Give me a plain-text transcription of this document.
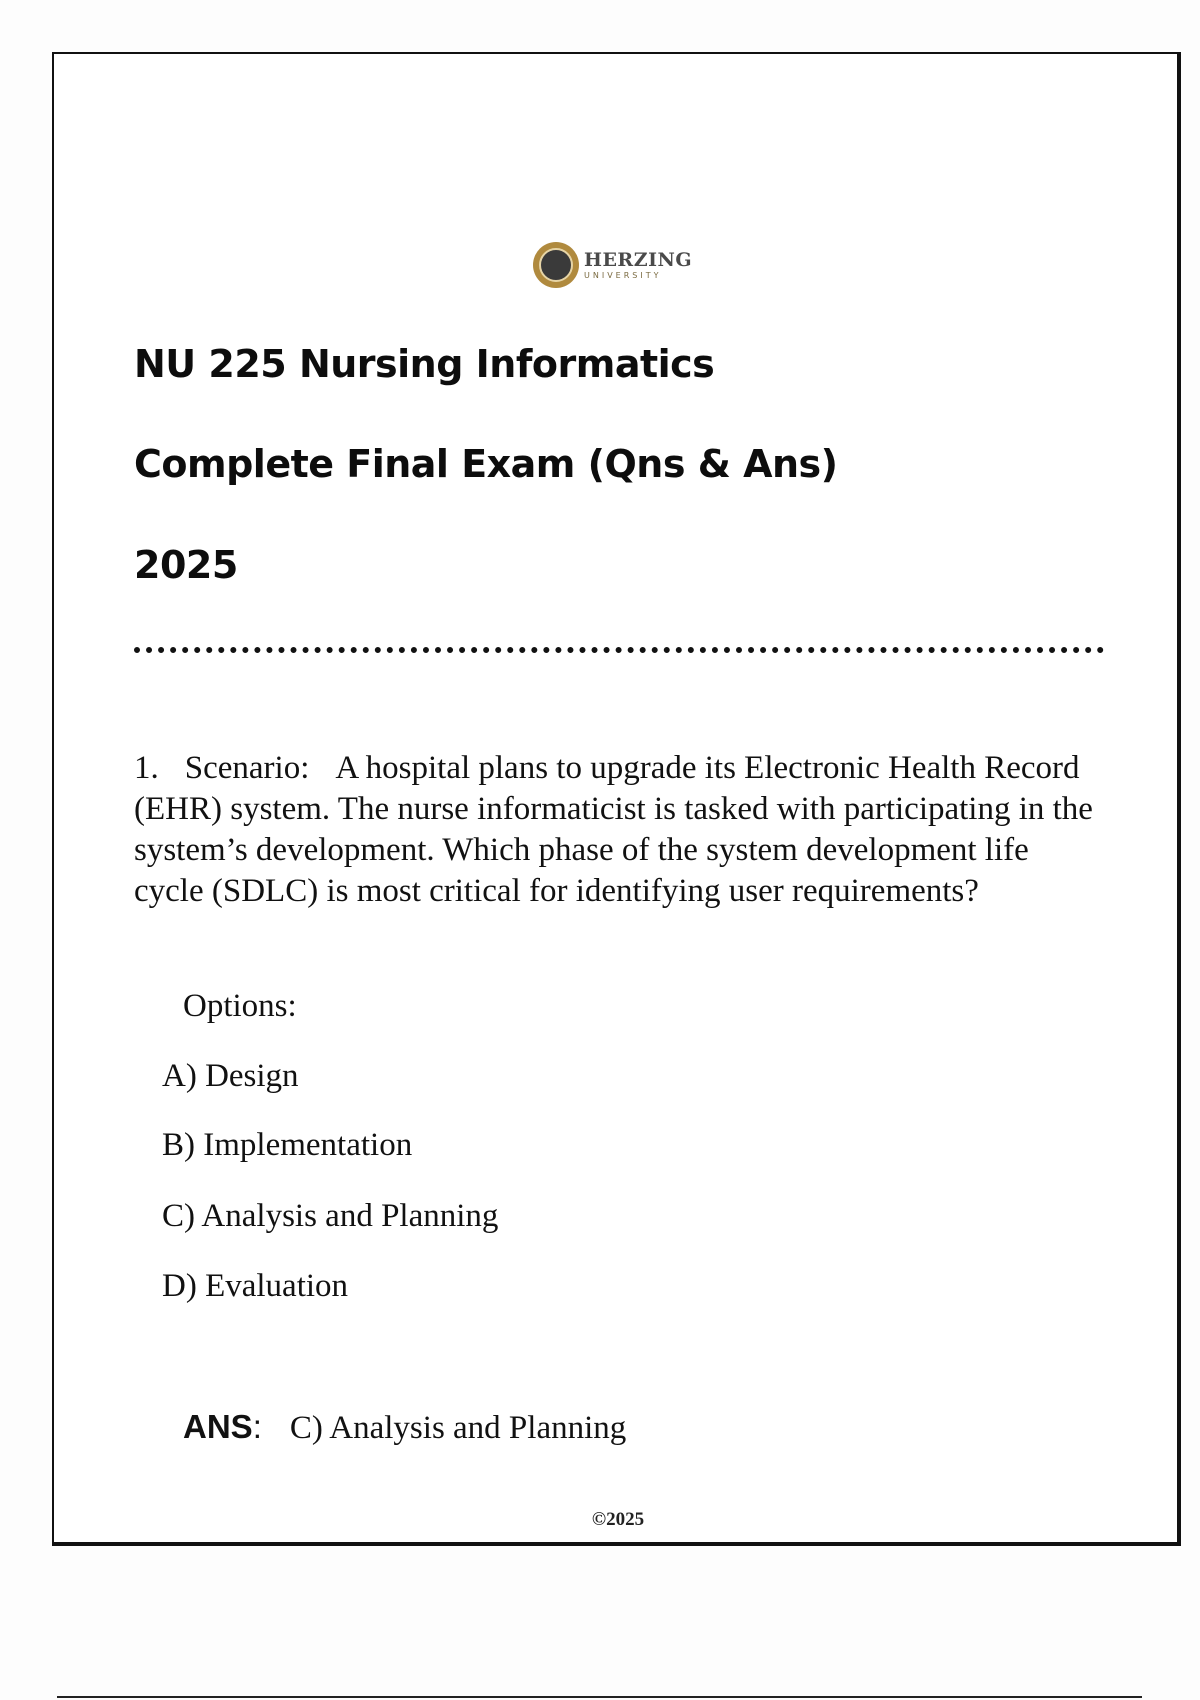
HERZING
UNIVERSITY
NU 225 Nursing Informatics
Complete Final Exam (Qns & Ans)
2025

1. Scenario: A hospital plans to upgrade its Electronic Health Record (EHR) system. The nurse informaticist is tasked with participating in the system’s development. Which phase of the system development life cycle (SDLC) is most critical for identifying user requirements?

Options:

A) Design

B) Implementation

C) Analysis and Planning

D) Evaluation

ANS: C) Analysis and Planning

©2025
